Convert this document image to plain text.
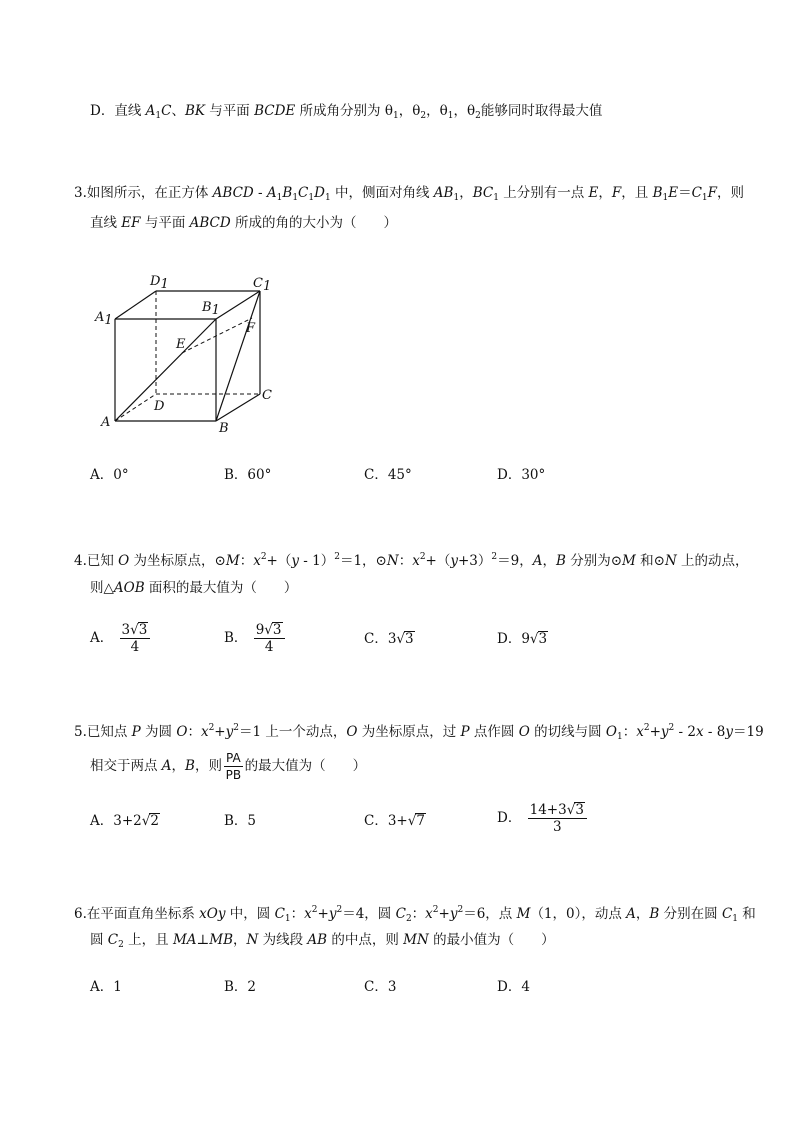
D．直线 $A_1C$、BK 与平面 BCDE 所成角分别为 $\theta_1$，$\theta_2$，$\theta_1$，$\theta_2$能够同时取得最大值
3.如图所示，在正方体 ABCD - $A_1B_1C_1D_1$ 中，侧面对角线 $AB_1$，$BC_1$ 上分别有一点 E，F，且 $B_1E=C_1F$，则
直线 EF 与平面 ABCD 所成的角的大小为（　　）
D1	C1
A1
B1
E
F
D
C
A	B
A．0°	B．60°	C．45°	D．30°
4.已知 O 为坐标原点，⊙M：$x^2+(y - 1)^2=1$，⊙N：$x^2+(y+3)^2=9$，A，B 分别为⊙M 和⊙N 上的动点，
则△AOB 面积的最大值为（　　）
A． $\frac{3√3}{4}$	B． $\frac{9√3}{4}$	C．3√3	D．9√3
5.已知点 P 为圆 O：$x^2+y^2=1$ 上一个动点，O 为坐标原点，过 P 点作圆 O 的切线与圆 $O_1$：$x^2+y^2 - 2x - 8y=19$
相交于两点 A，B，则 $\frac{PA}{PB}$ 的最大值为（　　）
A．3+2√2	B．5	C．3+√7	D． $\frac{14+3√3}{3}$
6.在平面直角坐标系 xOy 中，圆 $C_1$：$x^2+y^2=4$，圆 $C_2$：$x^2+y^2=6$，点 M（1，0），动点 A，B 分别在圆 $C_1$ 和
圆 $C_2$ 上，且 MA⊥MB，N 为线段 AB 的中点，则 MN 的最小值为（　　）
A．1	B．2	C．3	D．4
